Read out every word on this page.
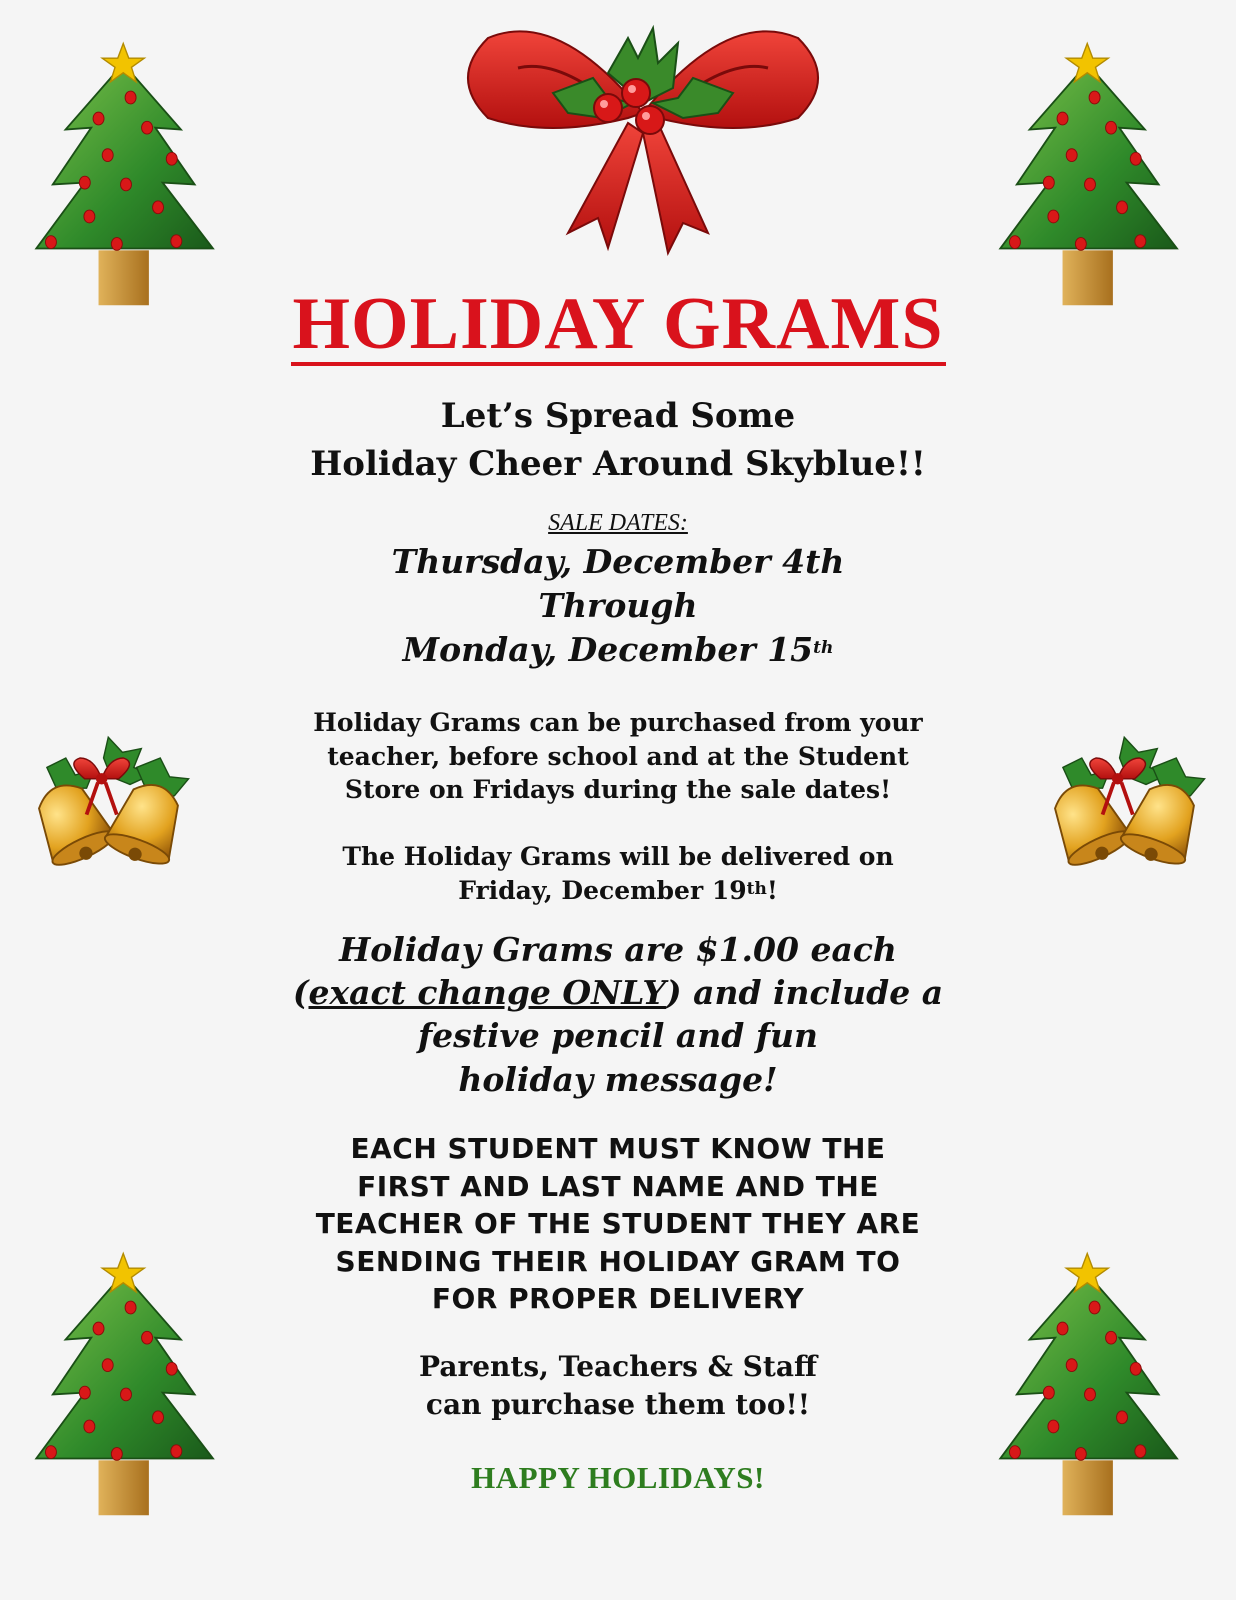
HOLIDAY GRAMS
Let’s Spread Some
Holiday Cheer Around Skyblue!!
SALE DATES:
Thursday, December 4th
Through
Monday, December 15th
Holiday Grams can be purchased from your
teacher, before school and at the Student
Store on Fridays during the sale dates!
The Holiday Grams will be delivered on
Friday, December 19th!
Holiday Grams are $1.00 each
(exact change ONLY) and include a
festive pencil and fun
holiday message!
EACH STUDENT MUST KNOW THE
FIRST AND LAST NAME AND THE
TEACHER OF THE STUDENT THEY ARE
SENDING THEIR HOLIDAY GRAM TO
FOR PROPER DELIVERY
Parents, Teachers & Staff
can purchase them too!!
HAPPY HOLIDAYS!
